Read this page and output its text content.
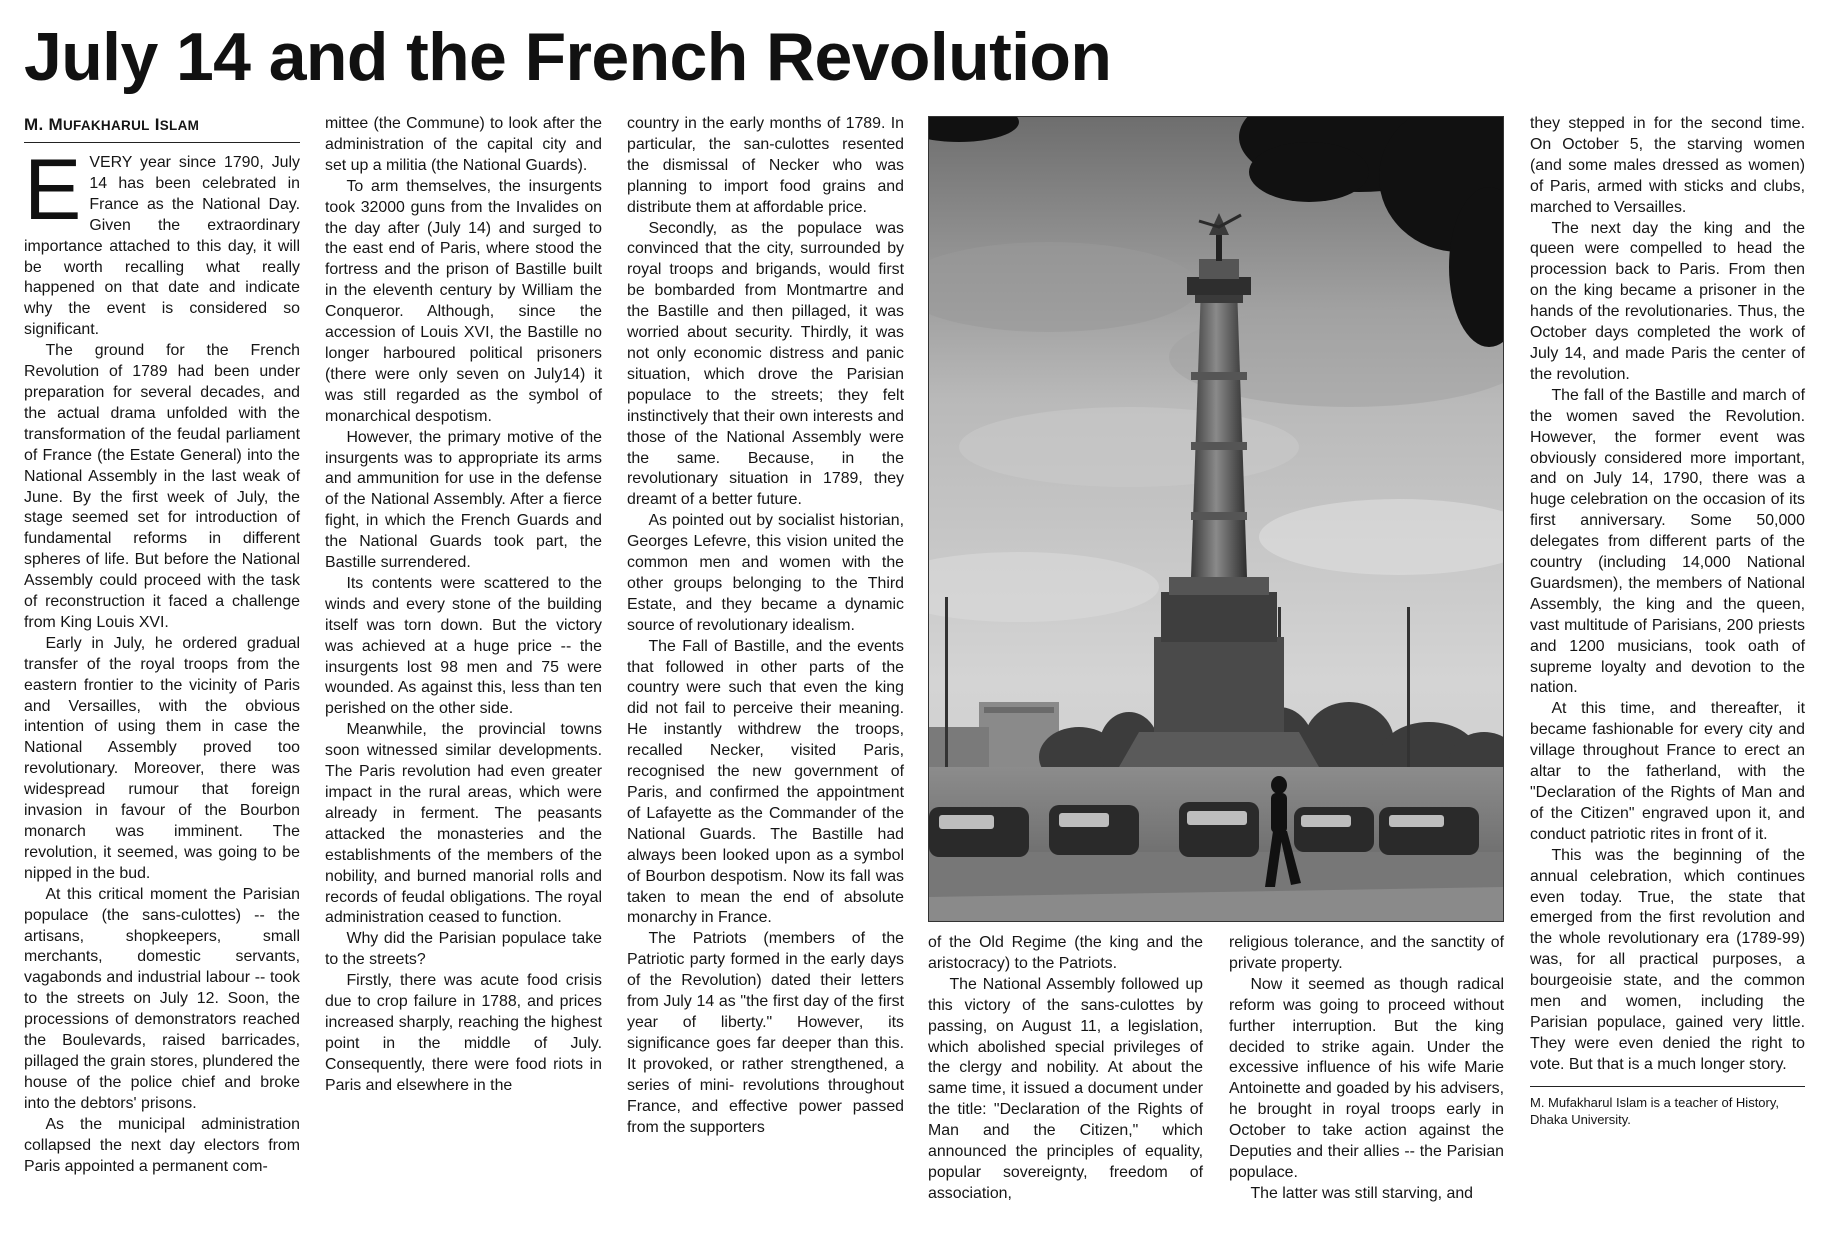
July 14 and the French Revolution
M. MUFAKHARUL ISLAM

EVERY year since 1790, July 14 has been celebrated in France as the National Day. Given the extraordinary importance attached to this day, it will be worth recalling what really happened on that date and indicate why the event is considered so significant.

The ground for the French Revolution of 1789 had been under preparation for several decades, and the actual drama unfolded with the transformation of the feudal parliament of France (the Estate General) into the National Assembly in the last weak of June. By the first week of July, the stage seemed set for introduction of fundamental reforms in different spheres of life. But before the National Assembly could proceed with the task of reconstruction it faced a challenge from King Louis XVI.

Early in July, he ordered gradual transfer of the royal troops from the eastern frontier to the vicinity of Paris and Versailles, with the obvious intention of using them in case the National Assembly proved too revolutionary. Moreover, there was widespread rumour that foreign invasion in favour of the Bourbon monarch was imminent. The revolution, it seemed, was going to be nipped in the bud.

At this critical moment the Parisian populace (the sans-culottes) -- the artisans, shopkeepers, small merchants, domestic servants, vagabonds and industrial labour -- took to the streets on July 12. Soon, the processions of demonstrators reached the Boulevards, raised barricades, pillaged the grain stores, plundered the house of the police chief and broke into the debtors' prisons.

As the municipal administration collapsed the next day electors from Paris appointed a permanent com-

mittee (the Commune) to look after the administration of the capital city and set up a militia (the National Guards).

To arm themselves, the insurgents took 32000 guns from the Invalides on the day after (July 14) and surged to the east end of Paris, where stood the fortress and the prison of Bastille built in the eleventh century by William the Conqueror. Although, since the accession of Louis XVI, the Bastille no longer harboured political prisoners (there were only seven on July14) it was still regarded as the symbol of monarchical despotism.

However, the primary motive of the insurgents was to appropriate its arms and ammunition for use in the defense of the National Assembly. After a fierce fight, in which the French Guards and the National Guards took part, the Bastille surrendered.

Its contents were scattered to the winds and every stone of the building itself was torn down. But the victory was achieved at a huge price -- the insurgents lost 98 men and 75 were wounded. As against this, less than ten perished on the other side.

Meanwhile, the provincial towns soon witnessed similar developments. The Paris revolution had even greater impact in the rural areas, which were already in ferment. The peasants attacked the monasteries and the establishments of the members of the nobility, and burned manorial rolls and records of feudal obligations. The royal administration ceased to function.

Why did the Parisian populace take to the streets?

Firstly, there was acute food crisis due to crop failure in 1788, and prices increased sharply, reaching the highest point in the middle of July. Consequently, there were food riots in Paris and elsewhere in the

country in the early months of 1789. In particular, the san-culottes resented the dismissal of Necker who was planning to import food grains and distribute them at affordable price.

Secondly, as the populace was convinced that the city, surrounded by royal troops and brigands, would first be bombarded from Montmartre and the Bastille and then pillaged, it was worried about security. Thirdly, it was not only economic distress and panic situation, which drove the Parisian populace to the streets; they felt instinctively that their own interests and those of the National Assembly were the same. Because, in the revolutionary situation in 1789, they dreamt of a better future.

As pointed out by socialist historian, Georges Lefevre, this vision united the common men and women with the other groups belonging to the Third Estate, and they became a dynamic source of revolutionary idealism.

The Fall of Bastille, and the events that followed in other parts of the country were such that even the king did not fail to perceive their meaning. He instantly withdrew the troops, recalled Necker, visited Paris, recognised the new government of Paris, and confirmed the appointment of Lafayette as the Commander of the National Guards. The Bastille had always been looked upon as a symbol of Bourbon despotism. Now its fall was taken to mean the end of absolute monarchy in France.

The Patriots (members of the Patriotic party formed in the early days of the Revolution) dated their letters from July 14 as "the first day of the first year of liberty." However, its significance goes far deeper than this. It provoked, or rather strengthened, a series of mini- revolutions throughout France, and effective power passed from the supporters

of the Old Regime (the king and the aristocracy) to the Patriots.

The National Assembly followed up this victory of the sans-culottes by passing, on August 11, a legislation, which abolished special privileges of the clergy and nobility. At about the same time, it issued a document under the title: "Declaration of the Rights of Man and the Citizen," which announced the principles of equality, popular sovereignty, freedom of association,

religious tolerance, and the sanctity of private property.

Now it seemed as though radical reform was going to proceed without further interruption. But the king decided to strike again. Under the excessive influence of his wife Marie Antoinette and goaded by his advisers, he brought in royal troops early in October to take action against the Deputies and their allies -- the Parisian populace.

The latter was still starving, and

they stepped in for the second time. On October 5, the starving women (and some males dressed as women) of Paris, armed with sticks and clubs, marched to Versailles.

The next day the king and the queen were compelled to head the procession back to Paris. From then on the king became a prisoner in the hands of the revolutionaries. Thus, the October days completed the work of July 14, and made Paris the center of the revolution.

The fall of the Bastille and march of the women saved the Revolution. However, the former event was obviously considered more important, and on July 14, 1790, there was a huge celebration on the occasion of its first anniversary. Some 50,000 delegates from different parts of the country (including 14,000 National Guardsmen), the members of National Assembly, the king and the queen, vast multitude of Parisians, 200 priests and 1200 musicians, took oath of supreme loyalty and devotion to the nation.

At this time, and thereafter, it became fashionable for every city and village throughout France to erect an altar to the fatherland, with the "Declaration of the Rights of Man and of the Citizen" engraved upon it, and conduct patriotic rites in front of it.

This was the beginning of the annual celebration, which continues even today. True, the state that emerged from the first revolution and the whole revolutionary era (1789-99) was, for all practical purposes, a bourgeoisie state, and the common men and women, including the Parisian populace, gained very little. They were even denied the right to vote. But that is a much longer story.

M. Mufakharul Islam is a teacher of History, Dhaka University.
